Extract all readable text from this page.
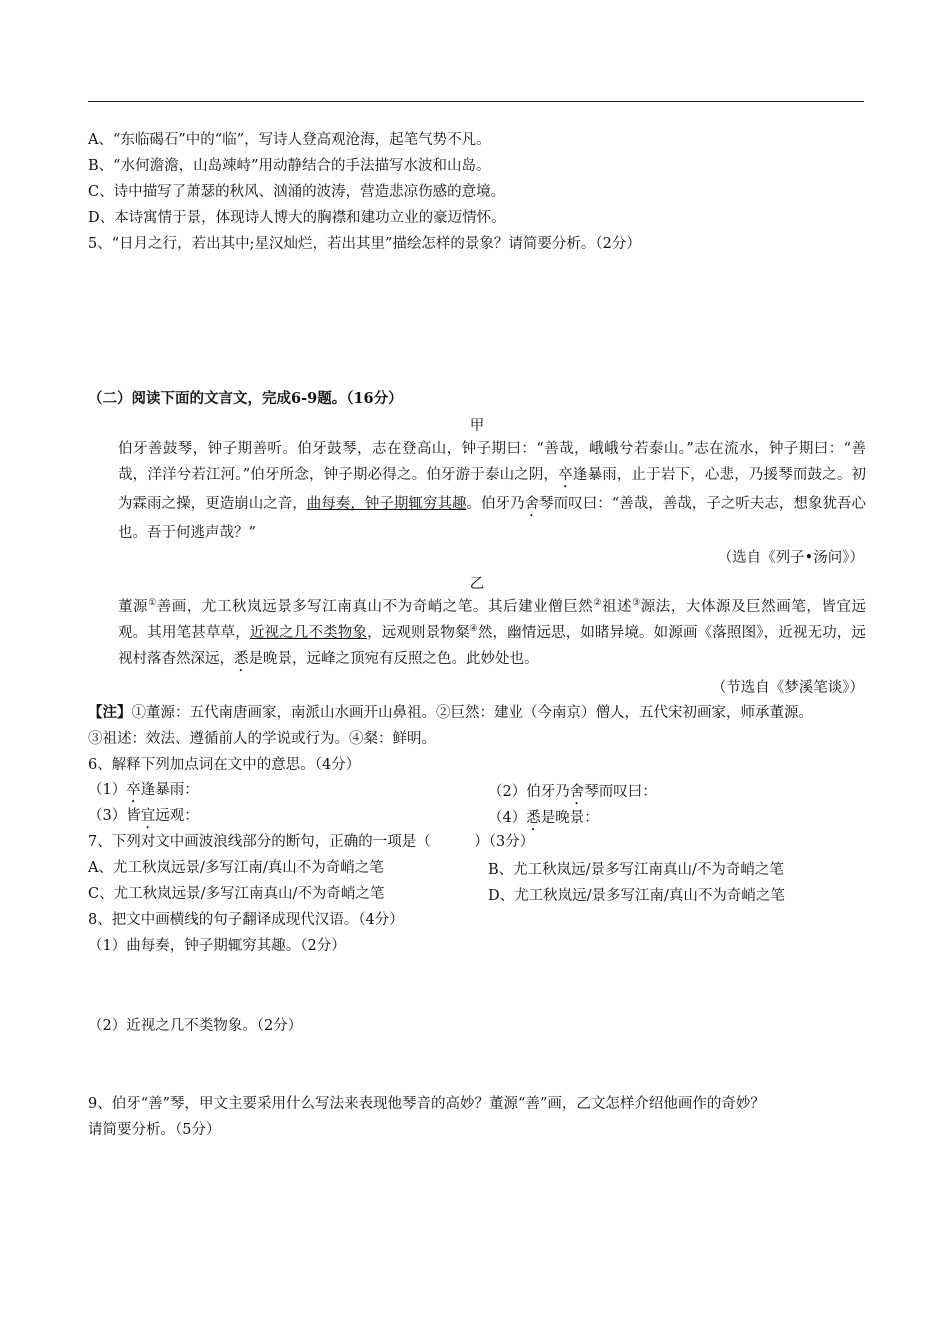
A、“东临碣石”中的“临”，写诗人登高观沧海，起笔气势不凡。
B、“水何澹澹，山岛竦峙”用动静结合的手法描写水波和山岛。
C、诗中描写了萧瑟的秋风、汹涌的波涛，营造悲凉伤感的意境。
D、本诗寓情于景，体现诗人博大的胸襟和建功立业的豪迈情怀。
5、“日月之行，若出其中;星汉灿烂，若出其里”描绘怎样的景象？请简要分析。（2分）
（二）阅读下面的文言文，完成6-9题。（16分）
甲
伯牙善鼓琴，钟子期善听。伯牙鼓琴，志在登高山，钟子期曰：“善哉，峨峨兮若泰山。”志在流水，钟子期曰：“善哉，洋洋兮若江河。”伯牙所念，钟子期必得之。伯牙游于泰山之阴，卒逢暴雨，止于岩下，心悲，乃援琴而鼓之。初为霖雨之操，更造崩山之音，曲每奏，钟子期辄穷其趣。伯牙乃舍琴而叹曰：“善哉，善哉，子之听夫志，想象犹吾心也。吾于何逃声哉？”
（选自《列子•汤问》）
乙
董源①善画，尤工秋岚远景多写江南真山不为奇峭之笔。其后建业僧巨然②祖述③源法，大体源及巨然画笔，皆宜远观。其用笔甚草草，近视之几不类物象，远观则景物粲④然，幽情远思，如睹异境。如源画《落照图》，近视无功，远视村落杳然深远，悉是晚景，远峰之顶宛有反照之色。此妙处也。
（节选自《梦溪笔谈》）
【注】①董源：五代南唐画家，南派山水画开山鼻祖。②巨然：建业（今南京）僧人，五代宋初画家，师承董源。
③祖述：效法、遵循前人的学说或行为。④粲：鲜明。
6、解释下列加点词在文中的意思。（4分）
（1）卒逢暴雨：	（2）伯牙乃舍琴而叹曰：
（3）皆宜远观：	（4）悉是晚景：
7、下列对文中画波浪线部分的断句，正确的一项是（　　　）（3分）
A、尤工秋岚远景/多写江南/真山不为奇峭之笔	B、尤工秋岚远/景多写江南真山/不为奇峭之笔
C、尤工秋岚远景/多写江南真山/不为奇峭之笔	D、尤工秋岚远/景多写江南/真山不为奇峭之笔
8、把文中画横线的句子翻译成现代汉语。（4分）
（1）曲每奏，钟子期辄穷其趣。（2分）
（2）近视之几不类物象。（2分）
9、伯牙“善”琴，甲文主要采用什么写法来表现他琴音的高妙？董源“善”画，乙文怎样介绍他画作的奇妙？
请简要分析。（5分）
